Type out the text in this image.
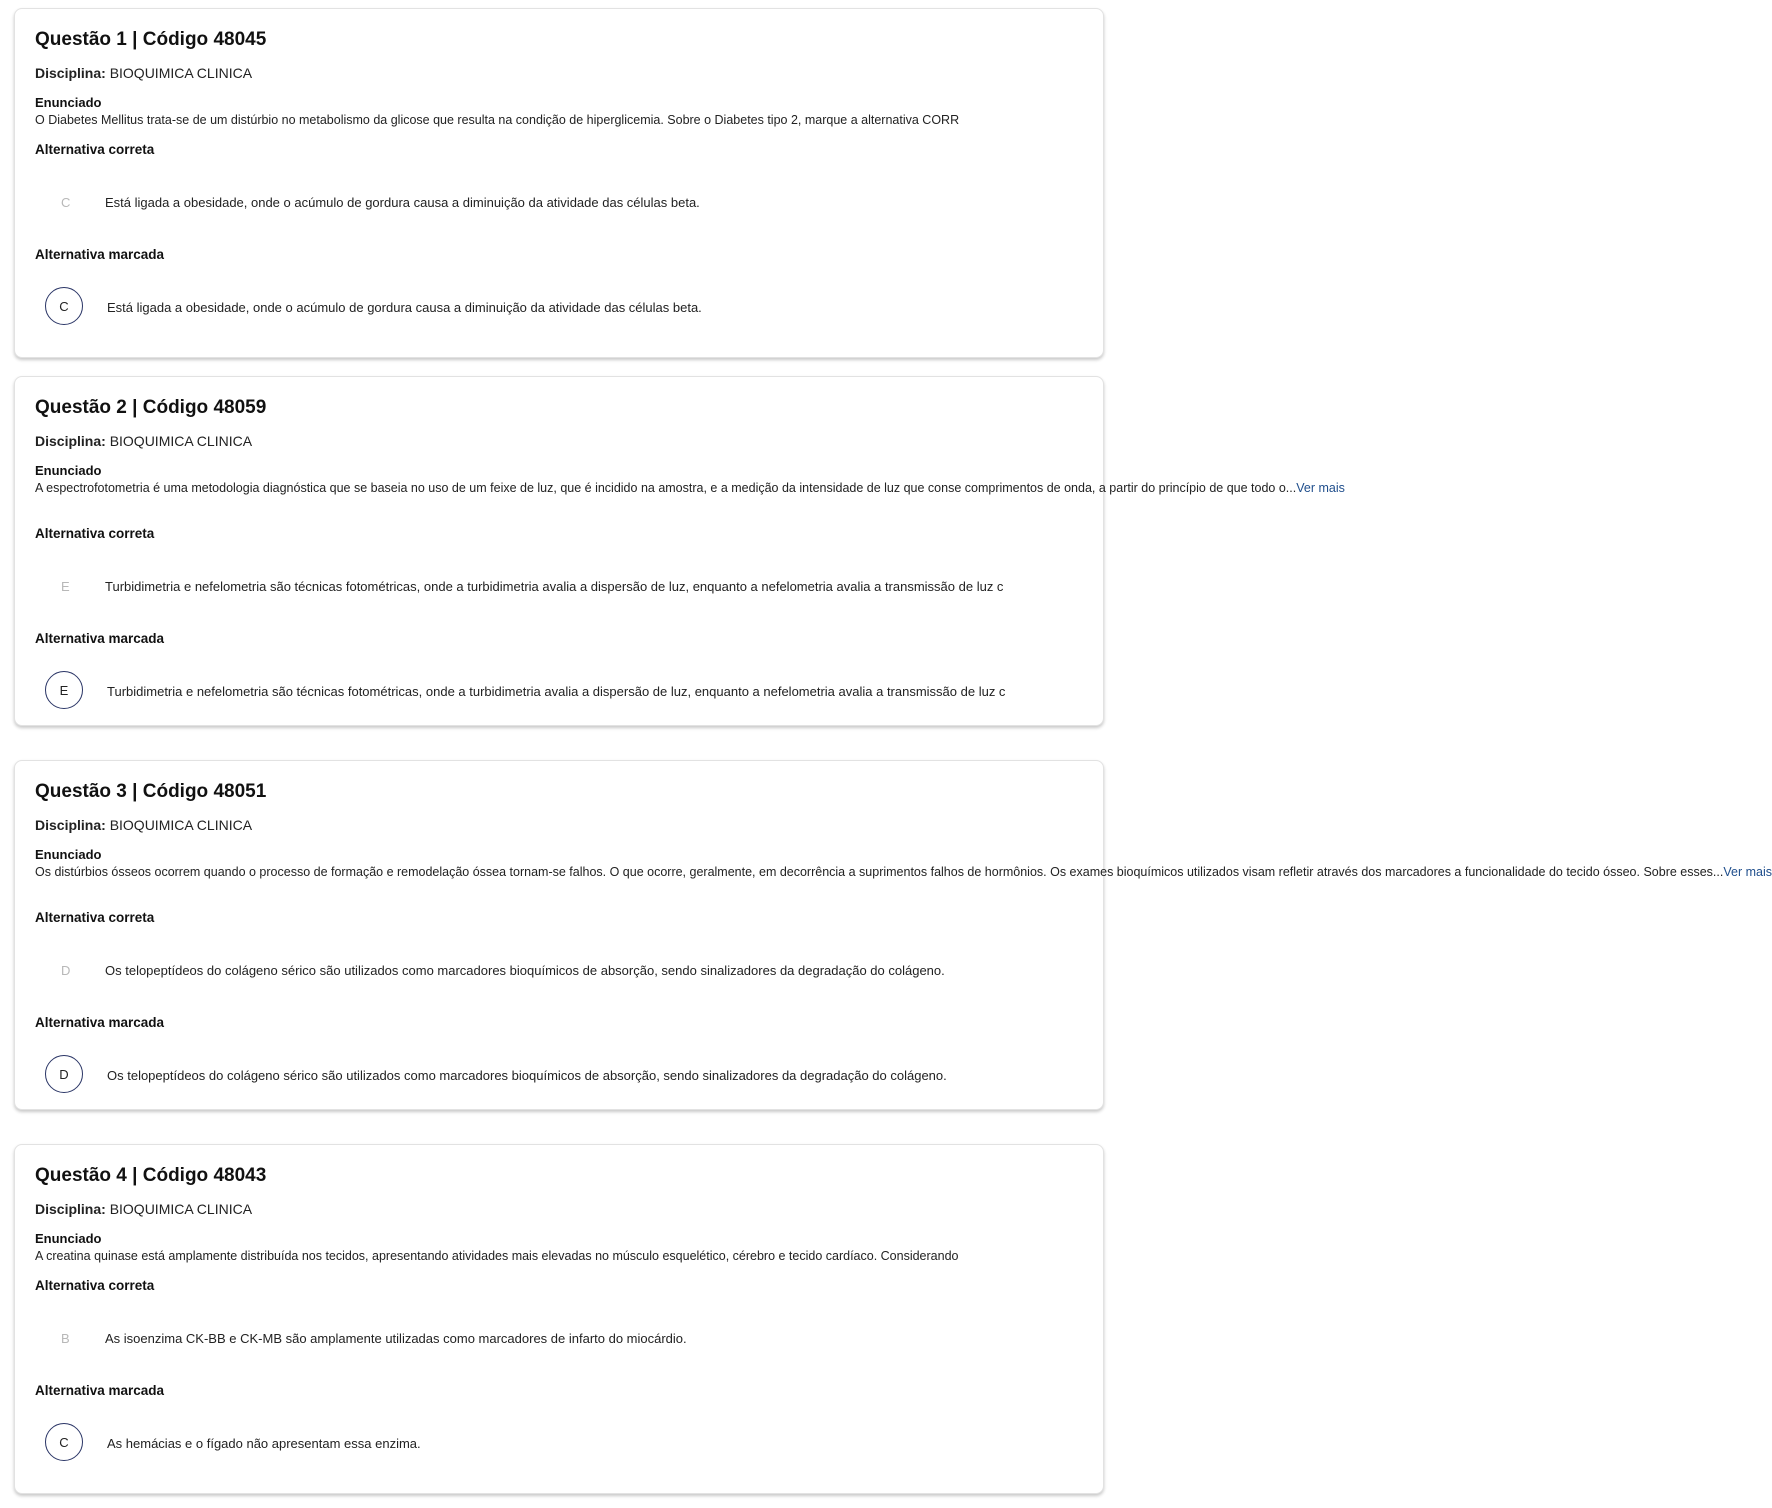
Questão 1 | Código 48045
Disciplina: BIOQUIMICA CLINICA
Enunciado
O Diabetes Mellitus trata-se de um distúrbio no metabolismo da glicose que resulta na condição de hiperglicemia. Sobre o Diabetes tipo 2, marque a alternativa CORR
Alternativa correta
C	Está ligada a obesidade, onde o acúmulo de gordura causa a diminuição da atividade das células beta.
Alternativa marcada
C	Está ligada a obesidade, onde o acúmulo de gordura causa a diminuição da atividade das células beta.
Questão 2 | Código 48059
Disciplina: BIOQUIMICA CLINICA
Enunciado
A espectrofotometria é uma metodologia diagnóstica que se baseia no uso de um feixe de luz, que é incidido na amostra, e a medição da intensidade de luz que conse comprimentos de onda, a partir do princípio de que todo o...Ver mais
Alternativa correta
E	Turbidimetria e nefelometria são técnicas fotométricas, onde a turbidimetria avalia a dispersão de luz, enquanto a nefelometria avalia a transmissão de luz c
Alternativa marcada
E	Turbidimetria e nefelometria são técnicas fotométricas, onde a turbidimetria avalia a dispersão de luz, enquanto a nefelometria avalia a transmissão de luz c
Questão 3 | Código 48051
Disciplina: BIOQUIMICA CLINICA
Enunciado
Os distúrbios ósseos ocorrem quando o processo de formação e remodelação óssea tornam-se falhos. O que ocorre, geralmente, em decorrência a suprimentos falhos de hormônios. Os exames bioquímicos utilizados visam refletir através dos marcadores a funcionalidade do tecido ósseo. Sobre esses...Ver mais
Alternativa correta
D	Os telopeptídeos do colágeno sérico são utilizados como marcadores bioquímicos de absorção, sendo sinalizadores da degradação do colágeno.
Alternativa marcada
D	Os telopeptídeos do colágeno sérico são utilizados como marcadores bioquímicos de absorção, sendo sinalizadores da degradação do colágeno.
Questão 4 | Código 48043
Disciplina: BIOQUIMICA CLINICA
Enunciado
A creatina quinase está amplamente distribuída nos tecidos, apresentando atividades mais elevadas no músculo esquelético, cérebro e tecido cardíaco. Considerando
Alternativa correta
B	As isoenzima CK-BB e CK-MB são amplamente utilizadas como marcadores de infarto do miocárdio.
Alternativa marcada
C	As hemácias e o fígado não apresentam essa enzima.
